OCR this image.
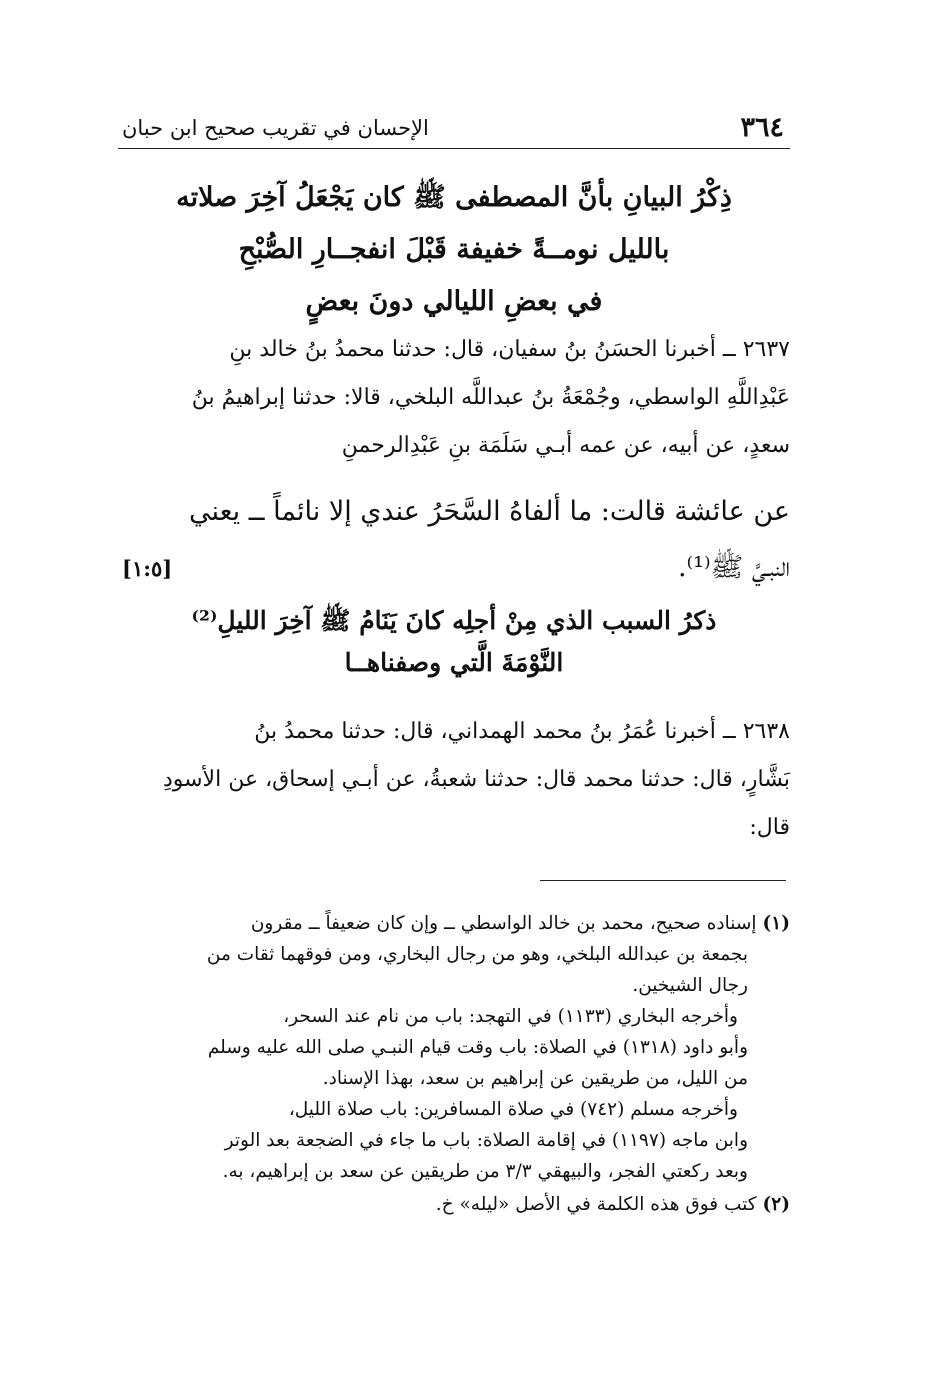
٣٦٤
الإحسان في تقريب صحيح ابن حبان
ذِكْرُ البيانِ بأنَّ المصطفى ﷺ كان يَجْعَلُ آخِرَ صلاته
بالليل نومــةً خفيفة قَبْلَ انفجــارِ الصُّبْحِ
في بعضِ الليالي دونَ بعضٍ
٢٦٣٧ ــ أخبرنا الحسَنُ بنُ سفيان، قال: حدثنا محمدُ بنُ خالد بنِ
عَبْدِاللَّهِ الواسطي، وجُمْعَةُ بنُ عبداللَّه البلخي، قالا: حدثنا إبراهيمُ بنُ
سعدٍ، عن أبيه، عن عمه أبـي سَلَمَة بنِ عَبْدِالرحمنِ
عن عائشة قالت: ما ألفاهُ السَّحَرُ عندي إلا نائماً ــ يعني
النبـيَّ ﷺ⁽¹⁾.
[١:٥]
ذكرُ السبب الذي مِنْ أجلِه كانَ يَنَامُ ﷺ آخِرَ الليلِ⁽²⁾
النَّوْمَةَ الَّتي وصفناهــا
٢٦٣٨ ــ أخبرنا عُمَرُ بنُ محمد الهمداني، قال: حدثنا محمدُ بنُ
بَشَّارٍ، قال: حدثنا محمد قال: حدثنا شعبةُ، عن أبـي إسحاق، عن الأسودِ
قال:
(١)إسناده صحيح، محمد بن خالد الواسطي ــ وإن كان ضعيفاً ــ مقرون
بجمعة بن عبدالله البلخي، وهو من رجال البخاري، ومن فوقهما ثقات من
رجال الشيخين.
وأخرجه البخاري (١١٣٣) في التهجد: باب من نام عند السحر،
وأبو داود (١٣١٨) في الصلاة: باب وقت قيام النبـي صلى الله عليه وسلم
من الليل، من طريقين عن إبراهيم بن سعد، بهذا الإسناد.
وأخرجه مسلم (٧٤٢) في صلاة المسافرين: باب صلاة الليل،
وابن ماجه (١١٩٧) في إقامة الصلاة: باب ما جاء في الضجعة بعد الوتر
وبعد ركعتي الفجر، والبيهقي ٣/٣ من طريقين عن سعد بن إبراهيم، به.
(٢)كتب فوق هذه الكلمة في الأصل «ليله» خ.
